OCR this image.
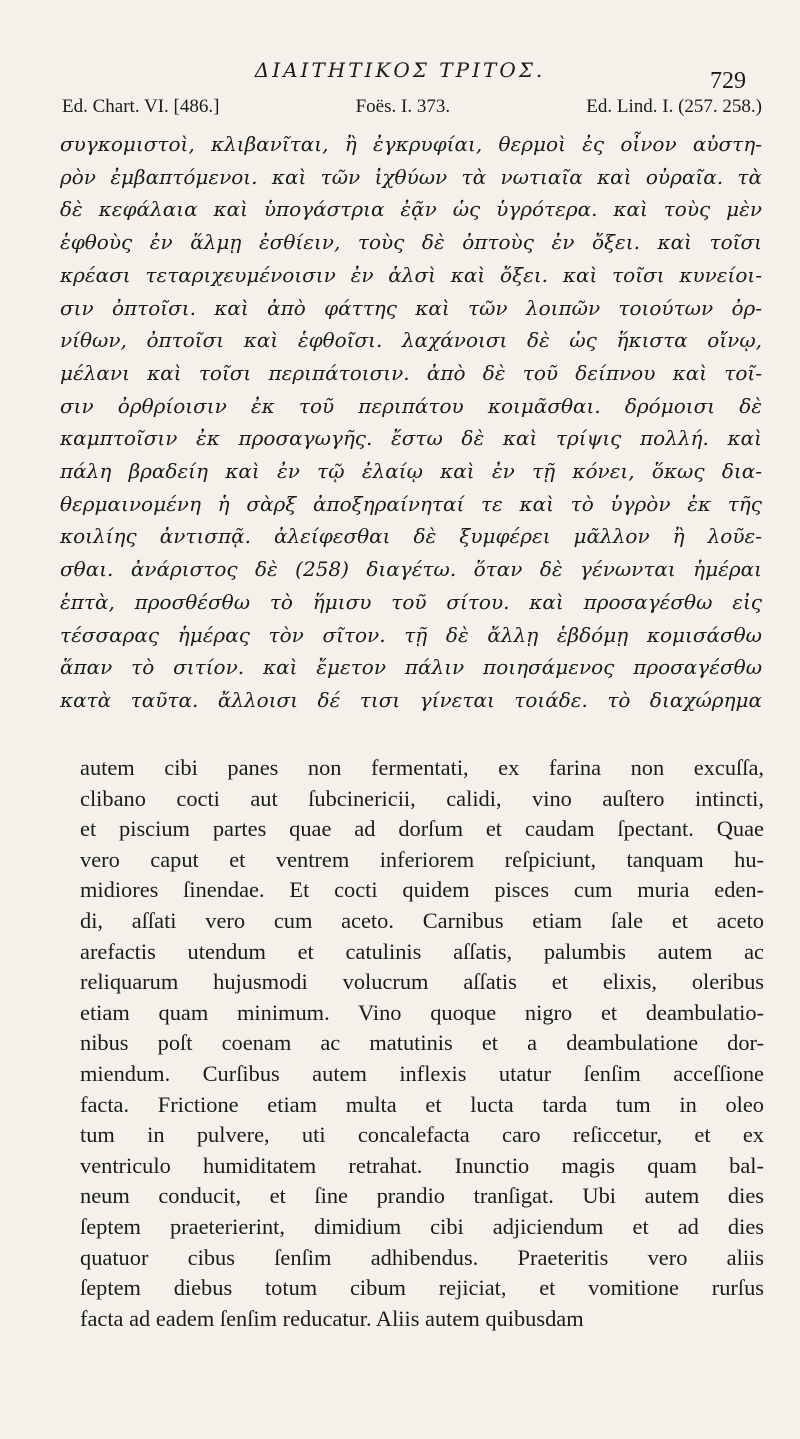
ΔΙΑΙΤΗΤΙΚΟΣ ΤΡΙΤΟΣ.	729
Ed. Chart. VI. [486.]	Foës. I. 373.	Ed. Lind. I. (257. 258.)
συγκομιστοὶ, κλιβανῖται, ἢ ἐγκρυφίαι, θερμοὶ ἐς οἶνον αὐστη-
ρὸν ἐμβαπτόμενοι. καὶ τῶν ἰχθύων τὰ νωτιαῖα καὶ οὐραῖα. τὰ
δὲ κεφάλαια καὶ ὑπογάστρια ἐᾷν ὡς ὑγρότερα. καὶ τοὺς μὲν
ἑφθοὺς ἐν ἅλμῃ ἐσθίειν, τοὺς δὲ ὀπτοὺς ἐν ὄξει. καὶ τοῖσι
κρέασι τεταριχευμένοισιν ἐν ἁλσὶ καὶ ὄξει. καὶ τοῖσι κυνείοι-
σιν ὀπτοῖσι. καὶ ἀπὸ φάττης καὶ τῶν λοιπῶν τοιούτων ὀρ-
νίθων, ὀπτοῖσι καὶ ἑφθοῖσι. λαχάνοισι δὲ ὡς ἥκιστα οἴνῳ,
μέλανι καὶ τοῖσι περιπάτοισιν. ἀπὸ δὲ τοῦ δείπνου καὶ τοῖ-
σιν ὀρθρίοισιν ἐκ τοῦ περιπάτου κοιμᾶσθαι. δρόμοισι δὲ
καμπτοῖσιν ἐκ προσαγωγῆς. ἔστω δὲ καὶ τρίψις πολλή. καὶ
πάλη βραδείη καὶ ἐν τῷ ἐλαίῳ καὶ ἐν τῇ κόνει, ὅκως δια-
θερμαινομένη ἡ σὰρξ ἀποξηραίνηταί τε καὶ τὸ ὑγρὸν ἐκ τῆς
κοιλίης ἀντισπᾷ. ἀλείφεσθαι δὲ ξυμφέρει μᾶλλον ἢ λοῦε-
σθαι. ἀνάριστος δὲ (258) διαγέτω. ὅταν δὲ γένωνται ἡμέραι
ἑπτὰ, προσθέσθω τὸ ἥμισυ τοῦ σίτου. καὶ προσαγέσθω εἰς
τέσσαρας ἡμέρας τὸν σῖτον. τῇ δὲ ἄλλῃ ἑβδόμῃ κομισάσθω
ἅπαν τὸ σιτίον. καὶ ἔμετον πάλιν ποιησάμενος προσαγέσθω
κατὰ ταῦτα. ἄλλοισι δέ τισι γίνεται τοιάδε. τὸ διαχώρημα
autem cibi panes non fermentati, ex farina non excuſſa,
clibano cocti aut ſubcinericii, calidi, vino auſtero intincti,
et piscium partes quae ad dorſum et caudam ſpectant. Quae
vero caput et ventrem inferiorem reſpiciunt, tanquam hu-
midiores ſinendae. Et cocti quidem pisces cum muria eden-
di, aſſati vero cum aceto. Carnibus etiam ſale et aceto
arefactis utendum et catulinis aſſatis, palumbis autem ac
reliquarum hujusmodi volucrum aſſatis et elixis, oleribus
etiam quam minimum. Vino quoque nigro et deambulatio-
nibus poſt coenam ac matutinis et a deambulatione dor-
miendum. Curſibus autem inflexis utatur ſenſim acceſſione
facta. Frictione etiam multa et lucta tarda tum in oleo
tum in pulvere, uti concalefacta caro reſiccetur, et ex
ventriculo humiditatem retrahat. Inunctio magis quam bal-
neum conducit, et ſine prandio tranſigat. Ubi autem dies
ſeptem praeterierint, dimidium cibi adjiciendum et ad dies
quatuor cibus ſenſim adhibendus. Praeteritis vero aliis
ſeptem diebus totum cibum rejiciat, et vomitione rurſus
facta ad eadem ſenſim reducatur. Aliis autem quibusdam
